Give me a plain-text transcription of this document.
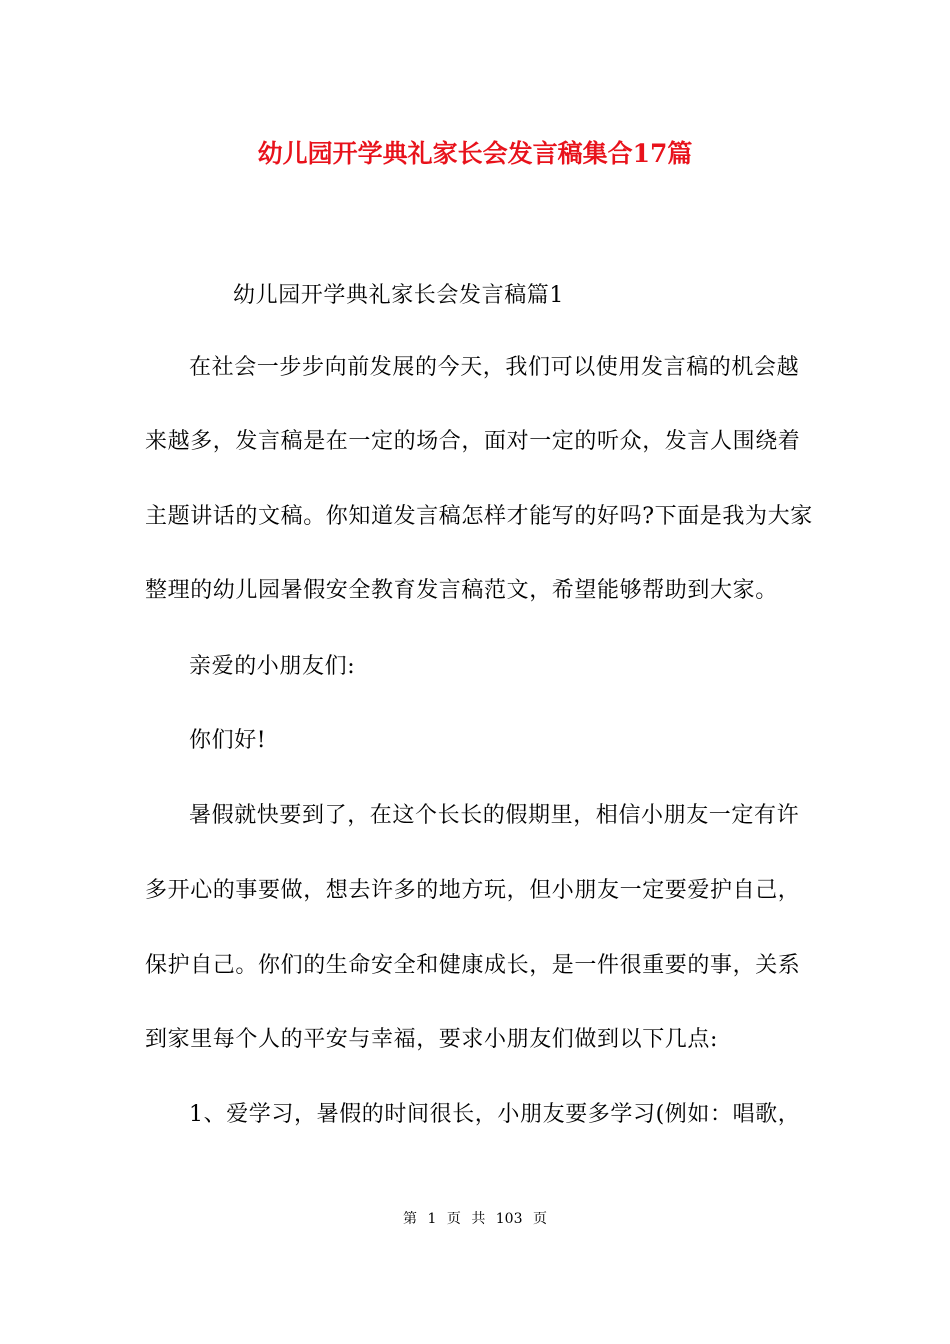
幼儿园开学典礼家长会发言稿集合17篇
幼儿园开学典礼家长会发言稿篇1
在社会一步步向前发展的今天，我们可以使用发言稿的机会越
来越多，发言稿是在一定的场合，面对一定的听众，发言人围绕着
主题讲话的文稿。你知道发言稿怎样才能写的好吗?下面是我为大家
整理的幼儿园暑假安全教育发言稿范文，希望能够帮助到大家。
亲爱的小朋友们:
你们好!
暑假就快要到了，在这个长长的假期里，相信小朋友一定有许
多开心的事要做，想去许多的地方玩，但小朋友一定要爱护自己，
保护自己。你们的生命安全和健康成长，是一件很重要的事，关系
到家里每个人的平安与幸福，要求小朋友们做到以下几点:
1、爱学习，暑假的时间很长，小朋友要多学习(例如：唱歌，
第 1 页 共 103 页
